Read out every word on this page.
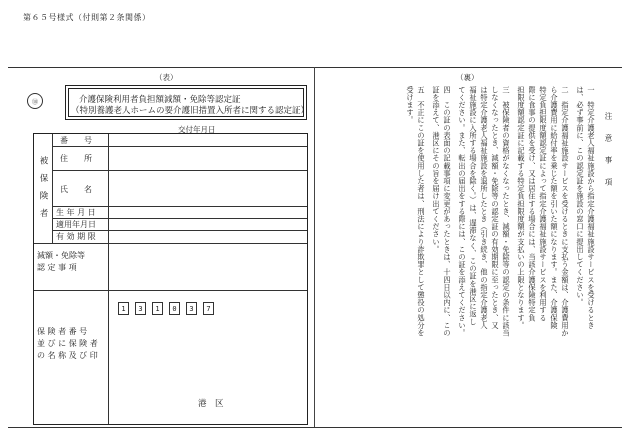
第６５号様式（付則第２条関係）
（表）	（裏）
⑱	介護保険利用者負担額減額・免除等認定証
（特別養護老人ホームの要介護旧措置入所者に関する認定証）
交付年月日
被保険者
番　　号
住　　所
氏　　名
生 年 月 日
適用年月日
有 効 期 限
減額・免除等
認 定 事 項
保 険 者 番 号
並 び に 保 険 者
の 名 称 及 び 印
1	3	1	0	3	7
港　区
注 意 事 項
一　特定介護老人福祉施設から指定介護福祉施設サービスを受けるとき
は、必ず事前に、この認定証を施設の窓口に提出してください。
二　指定介護福祉施設サービスを受けるときに支払う金額は、介護費用か
ら介護費用に給付率を乗じた額を引いた額になります。また、介護保険
特定負担限度額認定証によって指定介護福祉施設サービスを利用する
際に食事の提供を受け、又は居住する場合には、当該介護保険特定負
担限度額認定証に記載する特定負担限度額が支払いの上限となります。
三　被保険者の資格がなくなったとき、減額・免除等の認定の条件に該当
しなくなったとき、減額・免除等の認定証の有効期限に至ったとき、又
は特定介護老人福祉施設を退所したとき（引き続き、他の指定介護老人
福祉施設に入所する場合を除く。）は、遅滞なく、この証を港区に返し
てください。また、転出の届出をする際には、この証を添えてください。
四　この証の表面の記載事項に変更があったときは、十四日以内に、この
証を添えて、港区にその旨を届け出てください。
五　不正にこの証を使用した者は、刑法により詐欺罪として懲役の処分を
受けます。
